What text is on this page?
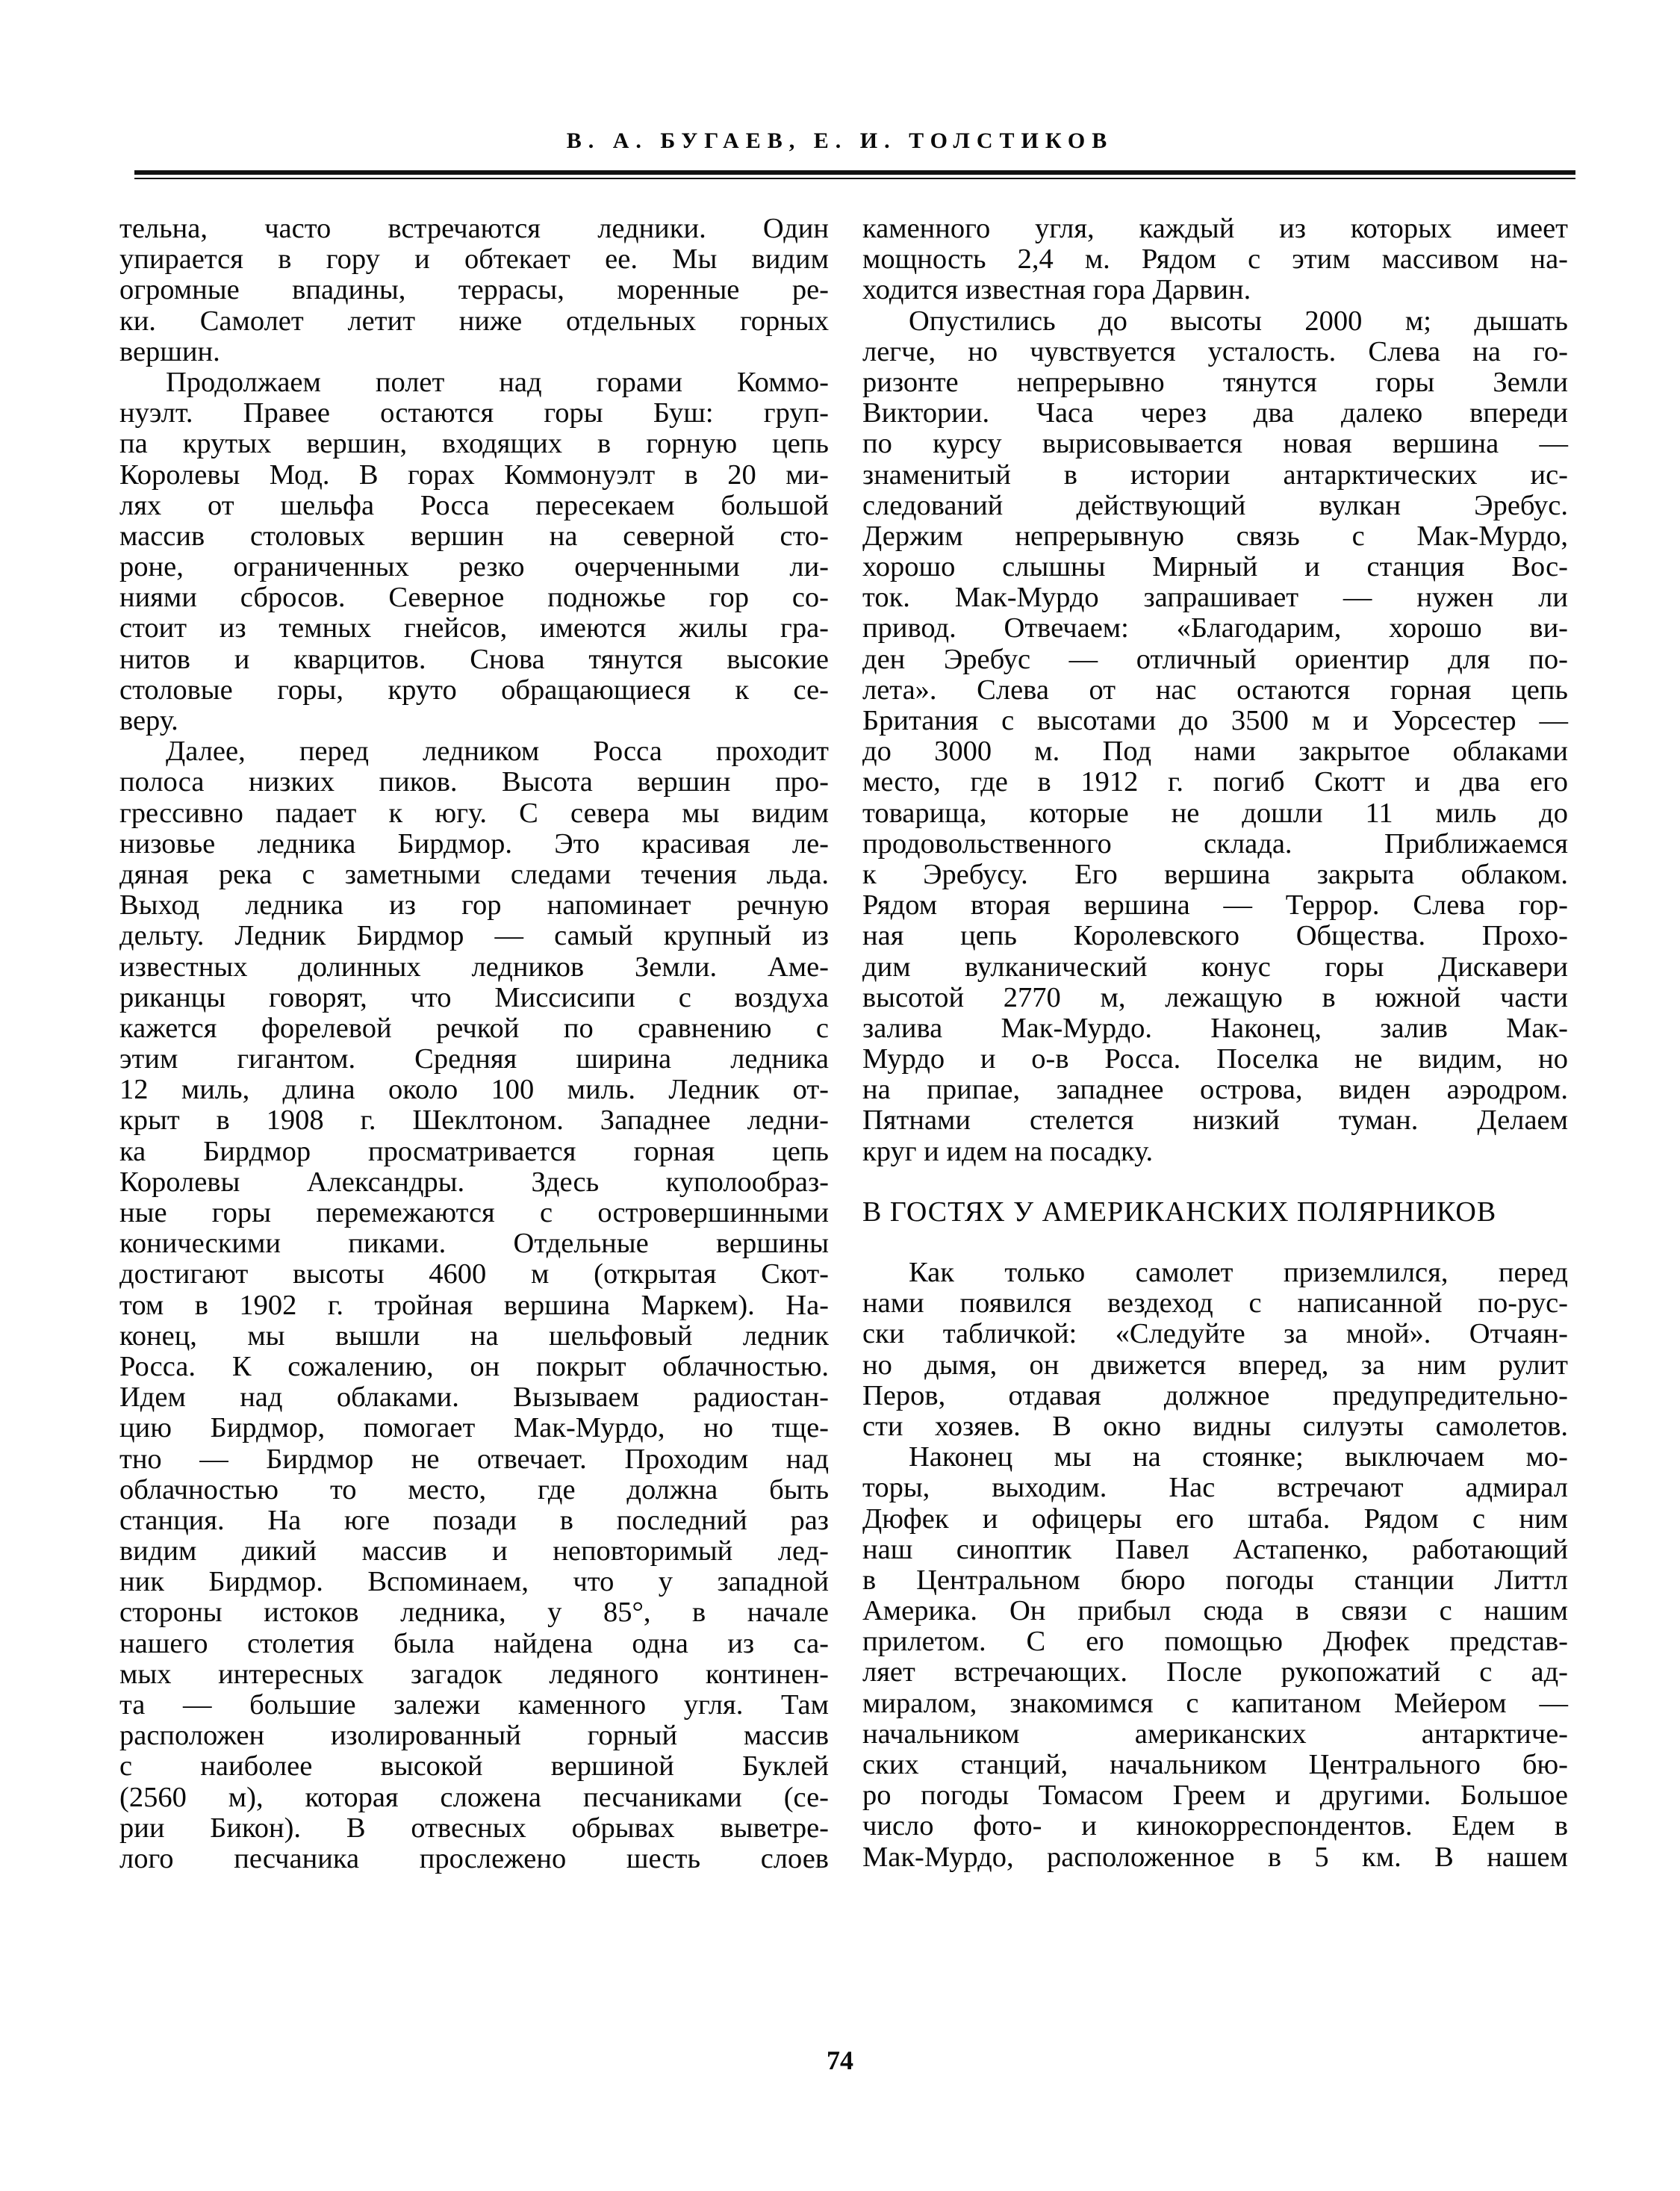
В. А. БУГАЕВ, Е. И. ТОЛСТИКОВ
тельна, часто встречаются ледники. Один
упирается в гору и обтекает ее. Мы видим
огромные впадины, террасы, моренные ре-
ки. Самолет летит ниже отдельных горных
вершин.
Продолжаем полет над горами Коммо-
нуэлт. Правее остаются горы Буш: груп-
па крутых вершин, входящих в горную цепь
Королевы Мод. В горах Коммонуэлт в 20 ми-
лях от шельфа Росса пересекаем большой
массив столовых вершин на северной сто-
роне, ограниченных резко очерченными ли-
ниями сбросов. Северное подножье гор со-
стоит из темных гнейсов, имеются жилы гра-
нитов и кварцитов. Снова тянутся высокие
столовые горы, круто обращающиеся к се-
веру.
Далее, перед ледником Росса проходит
полоса низких пиков. Высота вершин про-
грессивно падает к югу. С севера мы видим
низовье ледника Бирдмор. Это красивая ле-
дяная река с заметными следами течения льда.
Выход ледника из гор напоминает речную
дельту. Ледник Бирдмор — самый крупный из
известных долинных ледников Земли. Аме-
риканцы говорят, что Миссисипи с воздуха
кажется форелевой речкой по сравнению с
этим гигантом. Средняя ширина ледника
12 миль, длина около 100 миль. Ледник от-
крыт в 1908 г. Шеклтоном. Западнее ледни-
ка Бирдмор просматривается горная цепь
Королевы Александры. Здесь куполообраз-
ные горы перемежаются с островершинными
коническими пиками. Отдельные вершины
достигают высоты 4600 м (открытая Скот-
том в 1902 г. тройная вершина Маркем). На-
конец, мы вышли на шельфовый ледник
Росса. К сожалению, он покрыт облачностью.
Идем над облаками. Вызываем радиостан-
цию Бирдмор, помогает Мак-Мурдо, но тще-
тно — Бирдмор не отвечает. Проходим над
облачностью то место, где должна быть
станция. На юге позади в последний раз
видим дикий массив и неповторимый лед-
ник Бирдмор. Вспоминаем, что у западной
стороны истоков ледника, у 85°, в начале
нашего столетия была найдена одна из са-
мых интересных загадок ледяного континен-
та — большие залежи каменного угля. Там
расположен изолированный горный массив
с наиболее высокой вершиной Буклей
(2560 м), которая сложена песчаниками (се-
рии Бикон). В отвесных обрывах выветре-
лого песчаника прослежено шесть слоев
каменного угля, каждый из которых имеет
мощность 2,4 м. Рядом с этим массивом на-
ходится известная гора Дарвин.
Опустились до высоты 2000 м; дышать
легче, но чувствуется усталость. Слева на го-
ризонте непрерывно тянутся горы Земли
Виктории. Часа через два далеко впереди
по курсу вырисовывается новая вершина —
знаменитый в истории антарктических ис-
следований действующий вулкан Эребус.
Держим непрерывную связь с Мак-Мурдо,
хорошо слышны Мирный и станция Вос-
ток. Мак-Мурдо запрашивает — нужен ли
привод. Отвечаем: «Благодарим, хорошо ви-
ден Эребус — отличный ориентир для по-
лета». Слева от нас остаются горная цепь
Британия с высотами до 3500 м и Уорсестер —
до 3000 м. Под нами закрытое облаками
место, где в 1912 г. погиб Скотт и два его
товарища, которые не дошли 11 миль до
продовольственного склада. Приближаемся
к Эребусу. Его вершина закрыта облаком.
Рядом вторая вершина — Террор. Слева гор-
ная цепь Королевского Общества. Прохо-
дим вулканический конус горы Дискавери
высотой 2770 м, лежащую в южной части
залива Мак-Мурдо. Наконец, залив Мак-
Мурдо и о-в Росса. Поселка не видим, но
на припае, западнее острова, виден аэродром.
Пятнами стелется низкий туман. Делаем
круг и идем на посадку.
В ГОСТЯХ У АМЕРИКАНСКИХ ПОЛЯРНИКОВ
Как только самолет приземлился, перед
нами появился вездеход с написанной по-рус-
ски табличкой: «Следуйте за мной». Отчаян-
но дымя, он движется вперед, за ним рулит
Перов, отдавая должное предупредительно-
сти хозяев. В окно видны силуэты самолетов.
Наконец мы на стоянке; выключаем мо-
торы, выходим. Нас встречают адмирал
Дюфек и офицеры его штаба. Рядом с ним
наш синоптик Павел Астапенко, работающий
в Центральном бюро погоды станции Литтл
Америка. Он прибыл сюда в связи с нашим
прилетом. С его помощью Дюфек представ-
ляет встречающих. После рукопожатий с ад-
миралом, знакомимся с капитаном Мейером —
начальником американских антарктиче-
ских станций, начальником Центрального бю-
ро погоды Томасом Греем и другими. Большое
число фото- и кинокорреспондентов. Едем в
Мак-Мурдо, расположенное в 5 км. В нашем
74
